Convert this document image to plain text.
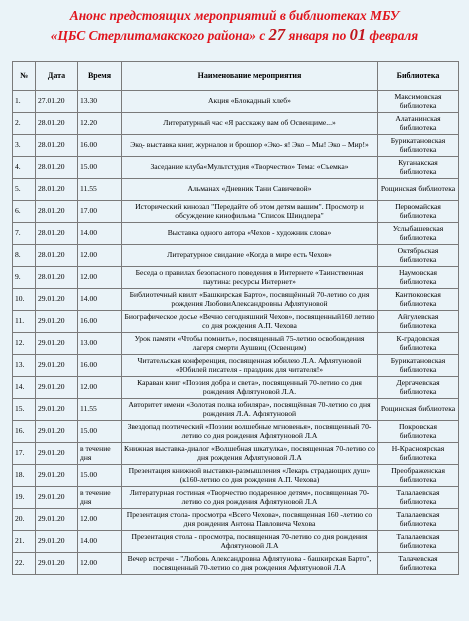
Анонс предстоящих мероприятий в библиотеках МБУ
«ЦБС Стерлитамакского района» с 27 января по 01 февраля
№	Дата	Время	Наименование мероприятия	Библиотека
1.	27.01.20	13.30	Акция «Блокадный хлеб»	Максимовская библиотека
2.	28.01.20	12.20	Литературный час «Я расскажу вам об Освенциме...»	Алатанинская библиотека
3.	28.01.20	16.00	Экоָ- выставка книг, журналов и брошюр «Эко- я! Эко – Мы! Эко – Мир!»	Бурикатановская библиотека
4.	28.01.20	15.00	Заседание клуба«Мультстудия «Творчество» Тема: «Съемка»	Куганакская библиотека
5.	28.01.20	11.55	Альманах «Дневник Тани Савичевой»	Рощинская библиотека
6.	28.01.20	17.00	Исторический кинозал "Передайте об этом детям вашим". Просмотр и обсуждение кинофильма "Список Шиндлера"	Первомайская библиотека
7.	28.01.20	14.00	Выставка одного автора «Чехов - художник слова»	Услыбашевская библиотека
8.	28.01.20	12.00	Литературное свидание «Когда в мире есть Чехов»	Октябрьская библиотека
9.	28.01.20	12.00	Беседа о правилах безопасного поведения в Интернете «Таинственная паутина: ресурсы Интернет»	Наумовская библиотека
10.	29.01.20	14.00	Библиотечный квилт «Башкирская Барто», посвящённый 70-летию со дня рождения ЛюбовиАлександровны Афлятуновой	Кантюковская библиотека
11.	29.01.20	16.00	Биографическое досье «Вечно сегодняшний Чехов», посвященный160 летию со дня рождения А.П. Чехова	Айгулевская библиотека
12.	29.01.20	13.00	Урок памяти «Чтобы помнить», посвященный 75-летию освобождения лагеря смерти Аушвиц (Освенцим)	К-градовская библиотека
13.	29.01.20	16.00	Читательская конференция, посвященная юбилею Л.А. Афлятуновой «Юбилей писателя - праздник для читателя!»	Бурикатановская библиотека
14.	29.01.20	12.00	Караван книг «Поэзия добра и света», посвященный 70-летию со дня рождения Афлятуновой Л.А.	Дергачевская библиотека
15.	29.01.20	11.55	Авторитет имени «Золотая полка юбиляра», посвящённая 70-летию со дня рождения Л.А. Афлятуновой	Рощинская библиотека
16.	29.01.20	15.00	Звездопад поэтический «Поэзии волшебные мгновенья», посвященный 70-летию со дня рождения Афлятуновой Л.А	Покровская библиотека
17.	29.01.20	в течение дня	Книжная выставка-диалог «Волшебная шкатулка», посвященная 70-летию со дня рождения Афлятуновой Л.А	Н-Краснoярская библиотека
18.	29.01.20	15.00	Презентация книжной выставки-размышления «Лекарь страдающих душ» (к160-летию со дня рождения А.П. Чехова)	Преображенская библиотека
19.	29.01.20	в течение дня	Литературная гостиная «Творчество подаренное детям», посвященная 70-летию со дня рождения Афлятуновой Л.А	Талалаевская библиотека
20.	29.01.20	12.00	Презентация стола- просмотра «Всего Чехова», посвященная 160 -летию со дня рождения Антона Павловича Чехова	Талалаевская библиотека
21.	29.01.20	14.00	Презентация стола - просмотра, посвященная 70-летию со дня рождения Афлятуновой Л.А	Талалаевская библиотека
22.	29.01.20	12.00	Вечер встречи - "Любовь Александровна Афлятунова - башкирская Барто", посвященный 70-летию со дня рождения Афлятуновой Л.А	Талачевская библиотека
